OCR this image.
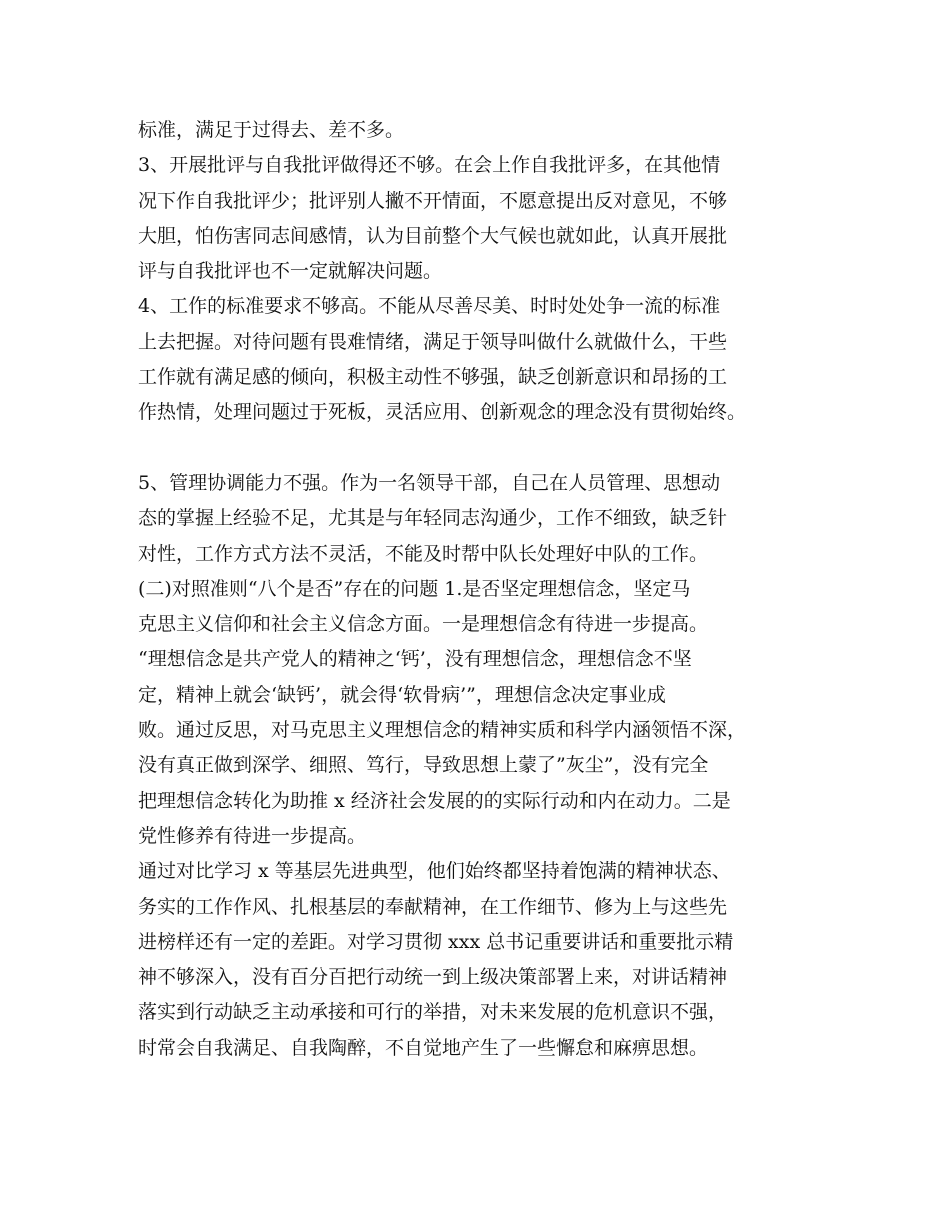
标准，满足于过得去、差不多。
3、开展批评与自我批评做得还不够。在会上作自我批评多，在其他情
况下作自我批评少；批评别人撇不开情面，不愿意提出反对意见，不够
大胆，怕伤害同志间感情，认为目前整个大气候也就如此，认真开展批
评与自我批评也不一定就解决问题。
4、工作的标准要求不够高。不能从尽善尽美、时时处处争一流的标准
上去把握。对待问题有畏难情绪，满足于领导叫做什么就做什么，干些
工作就有满足感的倾向，积极主动性不够强，缺乏创新意识和昂扬的工
作热情，处理问题过于死板，灵活应用、创新观念的理念没有贯彻始终。
5、管理协调能力不强。作为一名领导干部，自己在人员管理、思想动
态的掌握上经验不足，尤其是与年轻同志沟通少，工作不细致，缺乏针
对性，工作方式方法不灵活，不能及时帮中队长处理好中队的工作。
(二)对照准则“八个是否”存在的问题 1.是否坚定理想信念，坚定马
克思主义信仰和社会主义信念方面。一是理想信念有待进一步提高。
“理想信念是共产党人的精神之‘钙’，没有理想信念，理想信念不坚
定，精神上就会‘缺钙’，就会得‘软骨病’”，理想信念决定事业成
败。通过反思，对马克思主义理想信念的精神实质和科学内涵领悟不深，
没有真正做到深学、细照、笃行，导致思想上蒙了”灰尘”，没有完全
把理想信念转化为助推 x 经济社会发展的的实际行动和内在动力。二是
党性修养有待进一步提高。
通过对比学习 x 等基层先进典型，他们始终都坚持着饱满的精神状态、
务实的工作作风、扎根基层的奉献精神，在工作细节、修为上与这些先
进榜样还有一定的差距。对学习贯彻 xxx 总书记重要讲话和重要批示精
神不够深入，没有百分百把行动统一到上级决策部署上来，对讲话精神
落实到行动缺乏主动承接和可行的举措，对未来发展的危机意识不强，
时常会自我满足、自我陶醉，不自觉地产生了一些懈怠和麻痹思想。
